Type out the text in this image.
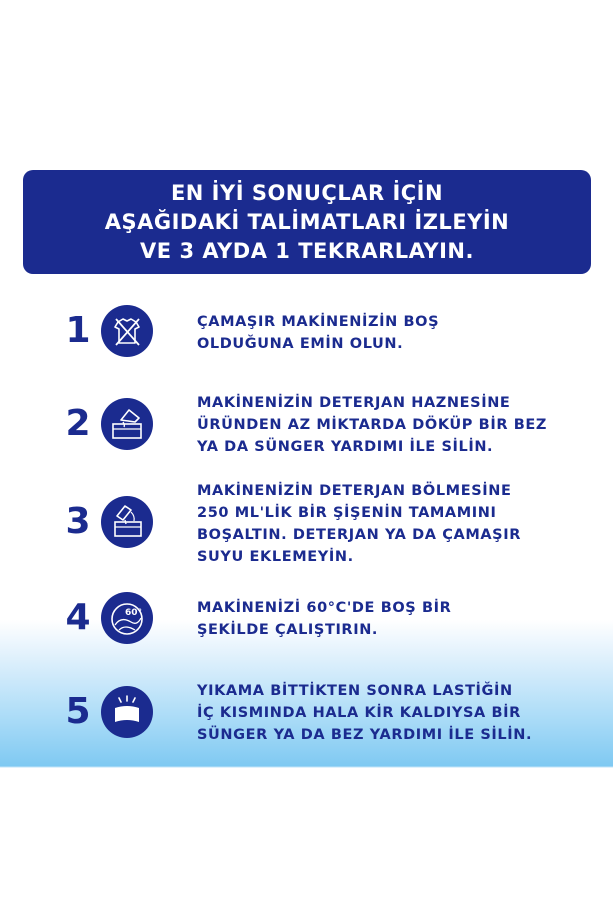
EN İYİ SONUÇLAR İÇİN
AŞAĞIDAKİ TALİMATLARI İZLEYİN
VE 3 AYDA 1 TEKRARLAYIN.
1	ÇAMAŞIR MAKİNENİZİN BOŞ
OLDUĞUNA EMİN OLUN.
2	MAKİNENİZİN DETERJAN HAZNESİNE
ÜRÜNDEN AZ MİKTARDA DÖKÜP BİR BEZ
YA DA SÜNGER YARDIMI İLE SİLİN.
3
MAKİNENİZİN DETERJAN BÖLMESİNE
250 ML'LİK BİR ŞİŞENİN TAMAMINI
BOŞALTIN. DETERJAN YA DA ÇAMAŞIR
SUYU EKLEMEYİN.
4	60°	MAKİNENİZİ 60°C'DE BOŞ BİR
ŞEKİLDE ÇALIŞTIRIN.
5	YIKAMA BİTTİKTEN SONRA LASTİĞİN
İÇ KISMINDA HALA KİR KALDIYSA BİR
SÜNGER YA DA BEZ YARDIMI İLE SİLİN.
